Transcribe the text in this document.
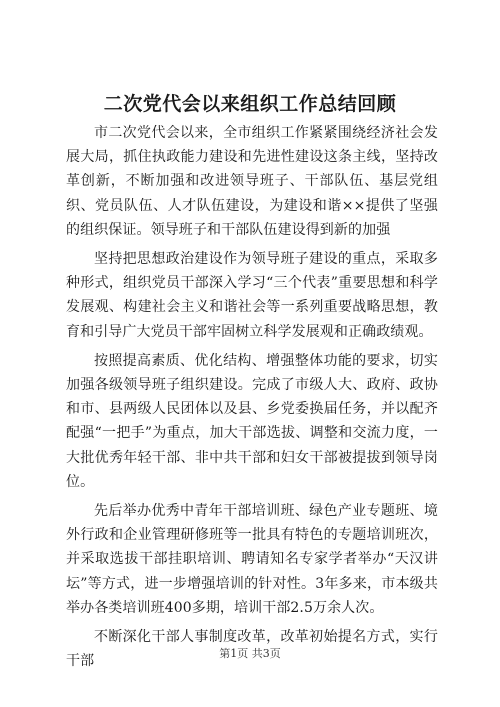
二次党代会以来组织工作总结回顾

市二次党代会以来，全市组织工作紧紧围绕经济社会发展大局，抓住执政能力建设和先进性建设这条主线，坚持改革创新，不断加强和改进领导班子、干部队伍、基层党组织、党员队伍、人才队伍建设，为建设和谐××提供了坚强的组织保证。领导班子和干部队伍建设得到新的加强

坚持把思想政治建设作为领导班子建设的重点，采取多种形式，组织党员干部深入学习“三个代表”重要思想和科学发展观、构建社会主义和谐社会等一系列重要战略思想，教育和引导广大党员干部牢固树立科学发展观和正确政绩观。

按照提高素质、优化结构、增强整体功能的要求，切实加强各级领导班子组织建设。完成了市级人大、政府、政协和市、县两级人民团体以及县、乡党委换届任务，并以配齐配强“一把手”为重点，加大干部选拔、调整和交流力度，一大批优秀年轻干部、非中共干部和妇女干部被提拔到领导岗位。

先后举办优秀中青年干部培训班、绿色产业专题班、境外行政和企业管理研修班等一批具有特色的专题培训班次，并采取选拔干部挂职培训、聘请知名专家学者举办“天汉讲坛”等方式，进一步增强培训的针对性。3年多来，市本级共举办各类培训班400多期，培训干部2.5万余人次。

不断深化干部人事制度改革，改革初始提名方式，实行干部	第1页 共3页
